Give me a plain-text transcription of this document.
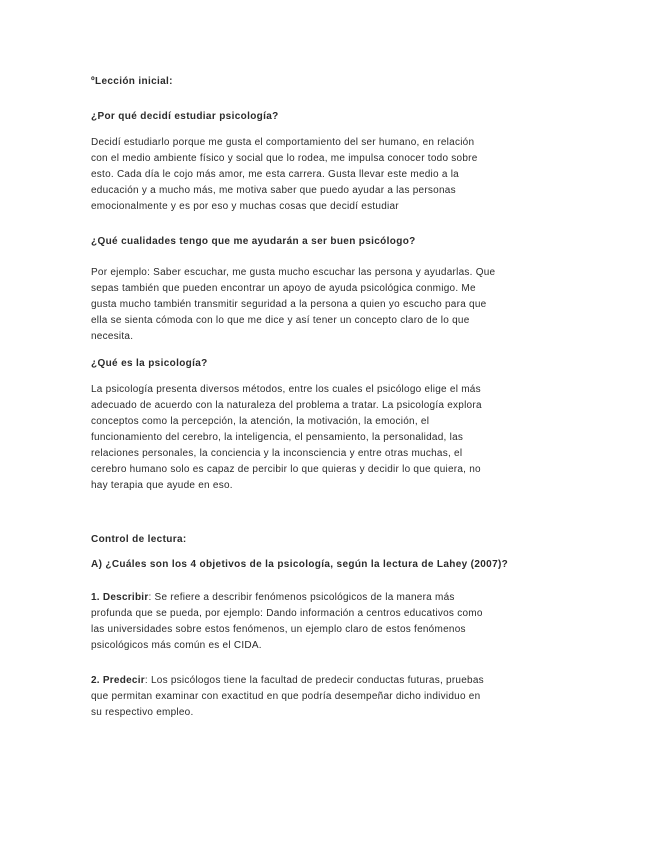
ºLección inicial:

¿Por qué decidí estudiar psicología?

Decidí estudiarlo porque me gusta el comportamiento del ser humano, en relación

con el medio ambiente físico y social que lo rodea, me impulsa conocer todo sobre

esto. Cada día le cojo más amor, me esta carrera. Gusta llevar este medio a la

educación y a mucho más, me motiva saber que puedo ayudar a las personas

emocionalmente y es por eso y muchas cosas que decidí estudiar

¿Qué cualidades tengo que me ayudarán a ser buen psicólogo?

Por ejemplo: Saber escuchar, me gusta mucho escuchar las persona y ayudarlas. Que

sepas también que pueden encontrar un apoyo de ayuda psicológica conmigo. Me

gusta mucho también transmitir seguridad a la persona a quien yo escucho para que

ella se sienta cómoda con lo que me dice y así tener un concepto claro de lo que

necesita.

¿Qué es la psicología?

La psicología presenta diversos métodos, entre los cuales el psicólogo elige el más

adecuado de acuerdo con la naturaleza del problema a tratar. La psicología explora

conceptos como la percepción, la atención, la motivación, la emoción, el

funcionamiento del cerebro, la inteligencia, el pensamiento, la personalidad, las

relaciones personales, la conciencia y la inconsciencia y entre otras muchas, el

cerebro humano solo es capaz de percibir lo que quieras y decidir lo que quiera, no

hay terapia que ayude en eso.

Control de lectura:

A) ¿Cuáles son los 4 objetivos de la psicología, según la lectura de Lahey (2007)?

1. Describir: Se refiere a describir fenómenos psicológicos de la manera más

profunda que se pueda, por ejemplo: Dando información a centros educativos como

las universidades sobre estos fenómenos, un ejemplo claro de estos fenómenos

psicológicos más común es el CIDA.

2. Predecir: Los psicólogos tiene la facultad de predecir conductas futuras, pruebas

que permitan examinar con exactitud en que podría desempeñar dicho individuo en

su respectivo empleo.
